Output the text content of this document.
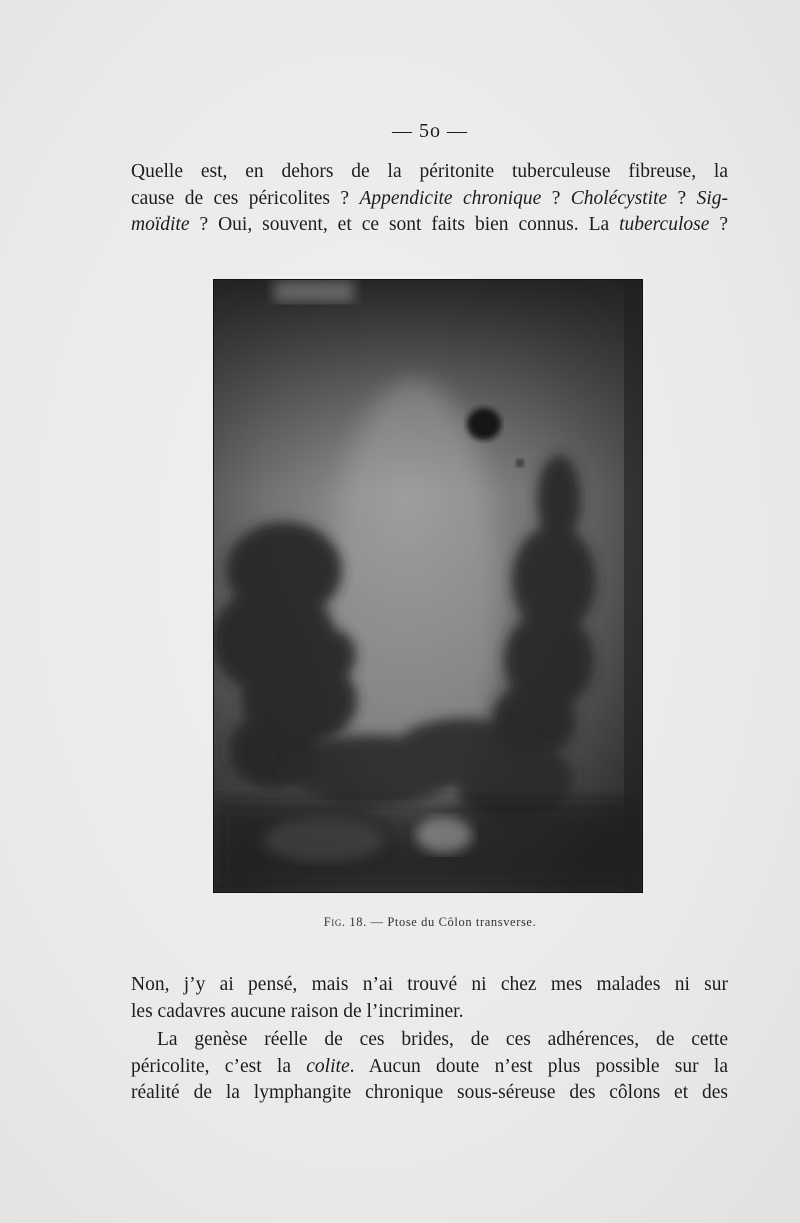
— 5o —
Quelle est, en dehors de la péritonite tuberculeuse fibreuse, la
cause de ces péricolites ? Appendicite chronique ? Cholécystite ? Sig-
moïdite ? Oui, souvent, et ce sont faits bien connus. La tuberculose ?
Fig. 18. — Ptose du Côlon transverse.
Non, j’y ai pensé, mais n’ai trouvé ni chez mes malades ni sur
les cadavres aucune raison de l’incriminer.
La genèse réelle de ces brides, de ces adhérences, de cette
péricolite, c’est la colite. Aucun doute n’est plus possible sur la
réalité de la lymphangite chronique sous-séreuse des côlons et des
